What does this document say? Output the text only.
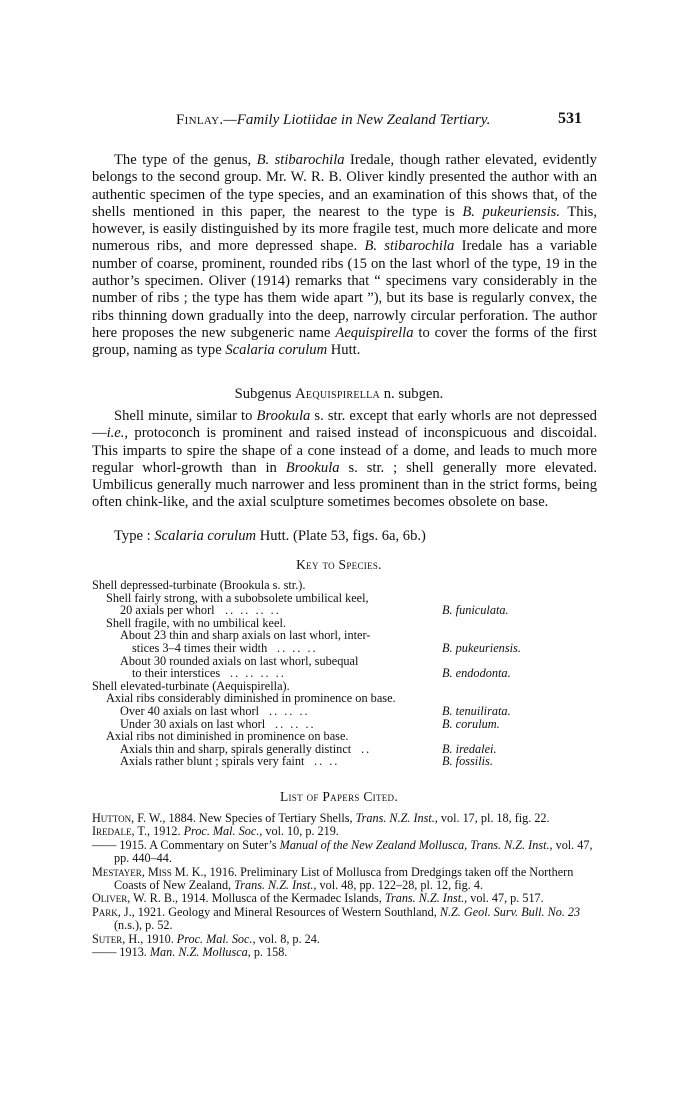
Finlay.—Family Liotiidae in New Zealand Tertiary.	531

The type of the genus, B. stibarochila Iredale, though rather elevated, evidently belongs to the second group. Mr. W. R. B. Oliver kindly presented the author with an authentic specimen of the type species, and an examination of this shows that, of the shells mentioned in this paper, the nearest to the type is B. pukeuriensis. This, however, is easily distinguished by its more fragile test, much more delicate and more numerous ribs, and more depressed shape. B. stibarochila Iredale has a variable number of coarse, prominent, rounded ribs (15 on the last whorl of the type, 19 in the author’s specimen. Oliver (1914) remarks that “ specimens vary considerably in the number of ribs ; the type has them wide apart ”), but its base is regularly convex, the ribs thinning down gradually into the deep, narrowly circular perforation. The author here proposes the new subgeneric name Aequispirella to cover the forms of the first group, naming as type Scalaria corulum Hutt.

Subgenus Aequispirella n. subgen.

Shell minute, similar to Brookula s. str. except that early whorls are not depressed—i.e., protoconch is prominent and raised instead of inconspicuous and discoidal. This imparts to spire the shape of a cone instead of a dome, and leads to much more regular whorl-growth than in Brookula s. str. ; shell generally more elevated. Umbilicus generally much narrower and less prominent than in the strict forms, being often chink-like, and the axial sculpture sometimes becomes obsolete on base.

Type : Scalaria corulum Hutt. (Plate 53, figs. 6a, 6b.)
Key to Species.
Shell depressed-turbinate (Brookula s. str.).
Shell fairly strong, with a subobsolete umbilical keel,
20 axials per whorl .. .. .. ..	B. funiculata.
Shell fragile, with no umbilical keel.
About 23 thin and sharp axials on last whorl, inter-
stices 3–4 times their width .. .. ..	B. pukeuriensis.
About 30 rounded axials on last whorl, subequal
to their interstices .. .. .. ..	B. endodonta.
Shell elevated-turbinate (Aequispirella).
Axial ribs considerably diminished in prominence on base.
Over 40 axials on last whorl .. .. ..	B. tenuilirata.
Under 30 axials on last whorl .. .. ..	B. corulum.
Axial ribs not diminished in prominence on base.
Axials thin and sharp, spirals generally distinct ..	B. iredalei.
Axials rather blunt ; spirals very faint .. ..	B. fossilis.
List of Papers Cited.

Hutton, F. W., 1884. New Species of Tertiary Shells, Trans. N.Z. Inst., vol. 17, pl. 18, fig. 22.

Iredale, T., 1912. Proc. Mal. Soc., vol. 10, p. 219.

—— 1915. A Commentary on Suter’s Manual of the New Zealand Mollusca, Trans. N.Z. Inst., vol. 47, pp. 440–44.

Mestayer, Miss M. K., 1916. Preliminary List of Mollusca from Dredgings taken off the Northern Coasts of New Zealand, Trans. N.Z. Inst., vol. 48, pp. 122–28, pl. 12, fig. 4.

Oliver, W. R. B., 1914. Mollusca of the Kermadec Islands, Trans. N.Z. Inst., vol. 47, p. 517.

Park, J., 1921. Geology and Mineral Resources of Western Southland, N.Z. Geol. Surv. Bull. No. 23 (n.s.), p. 52.

Suter, H., 1910. Proc. Mal. Soc., vol. 8, p. 24.

—— 1913. Man. N.Z. Mollusca, p. 158.
